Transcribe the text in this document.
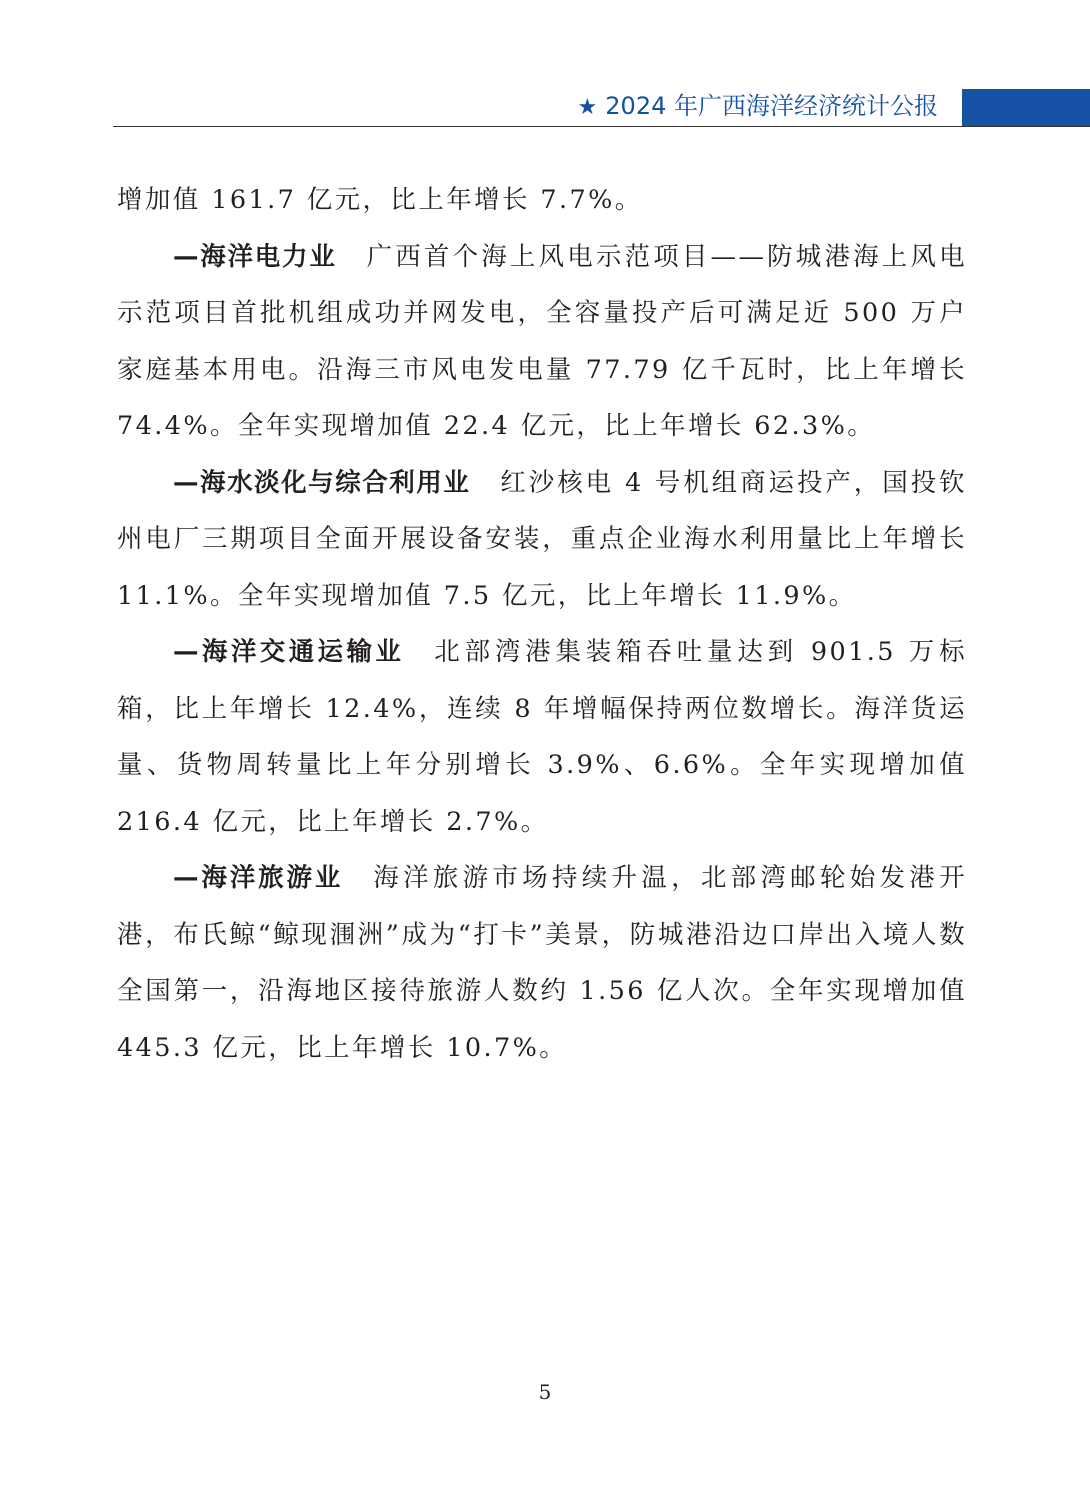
★ 2024 年广西海洋经济统计公报

增加值 161.7 亿元，比上年增长 7.7%。

—海洋电力业 广西首个海上风电示范项目——防城港海上风电示范项目首批机组成功并网发电，全容量投产后可满足近 500 万户家庭基本用电。沿海三市风电发电量 77.79 亿千瓦时，比上年增长 74.4%。全年实现增加值 22.4 亿元，比上年增长 62.3%。

—海水淡化与综合利用业 红沙核电 4 号机组商运投产，国投钦州电厂三期项目全面开展设备安装，重点企业海水利用量比上年增长 11.1%。全年实现增加值 7.5 亿元，比上年增长 11.9%。

—海洋交通运输业 北部湾港集装箱吞吐量达到 901.5 万标箱，比上年增长 12.4%，连续 8 年增幅保持两位数增长。海洋货运量、货物周转量比上年分别增长 3.9%、6.6%。全年实现增加值 216.4 亿元，比上年增长 2.7%。

—海洋旅游业 海洋旅游市场持续升温，北部湾邮轮始发港开港，布氏鲸“鲸现涠洲”成为“打卡”美景，防城港沿边口岸出入境人数全国第一，沿海地区接待旅游人数约 1.56 亿人次。全年实现增加值 445.3 亿元，比上年增长 10.7%。

5
